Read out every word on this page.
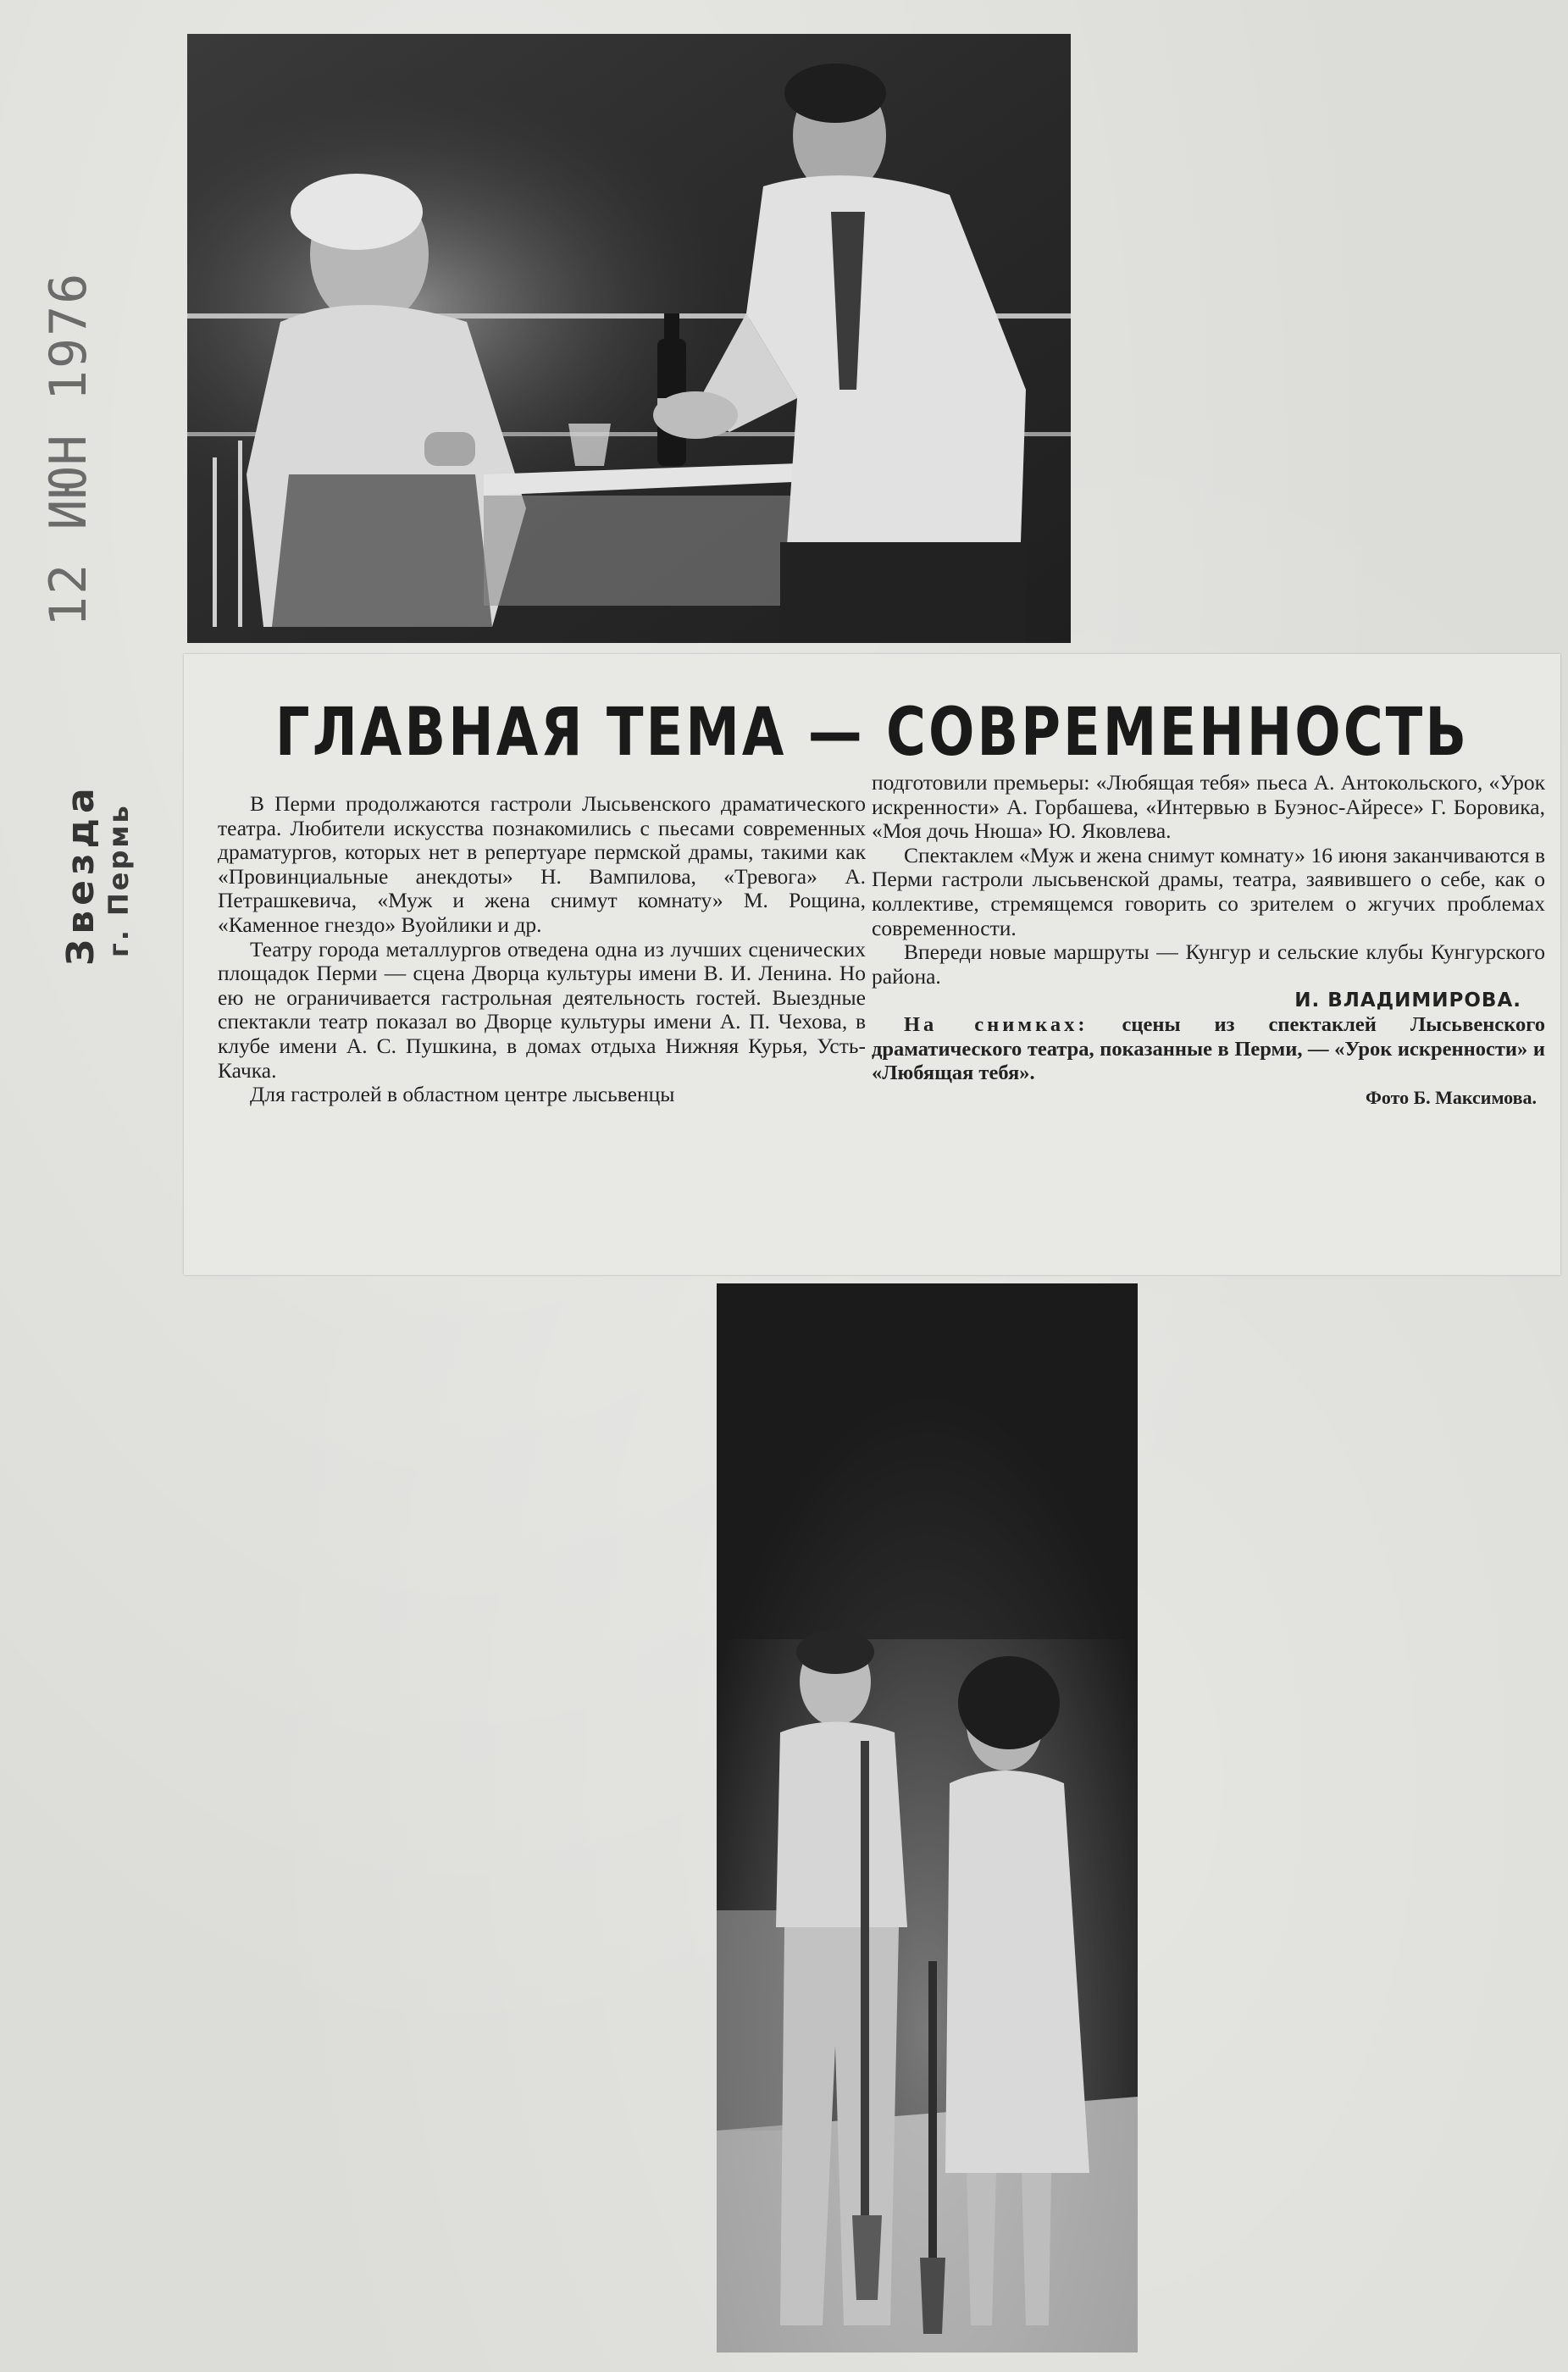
12 ИЮН 1976
Звезда г. Пермь
ГЛАВНАЯ ТЕМА — СОВРЕМЕННОСТЬ

В Перми продолжаются гастроли Лысьвенского драматического театра. Любители искусства познакомились с пьесами современных драматургов, которых нет в репертуаре пермской драмы, такими как «Провинциальные анекдоты» Н. Вампилова, «Тревога» А. Петрашкевича, «Муж и жена снимут комнату» М. Рощина, «Каменное гнездо» Вуойлики и др.

Театру города металлургов отведена одна из лучших сценических площадок Перми — сцена Дворца культуры имени В. И. Ленина. Но ею не ограничивается гастрольная деятельность гостей. Выездные спектакли театр показал во Дворце культуры имени А. П. Чехова, в клубе имени А. С. Пушкина, в домах отдыха Нижняя Курья, Усть-Качка.

Для гастролей в областном центре лысьвенцы

подготовили премьеры: «Любящая тебя» пьеса А. Антокольского, «Урок искренности» А. Горбашева, «Интервью в Буэнос-Айресе» Г. Боровика, «Моя дочь Нюша» Ю. Яковлева.

Спектаклем «Муж и жена снимут комнату» 16 июня заканчиваются в Перми гастроли лысьвенской драмы, театра, заявившего о себе, как о коллективе, стремящемся говорить со зрителем о жгучих проблемах современности.

Впереди новые маршруты — Кунгур и сельские клубы Кунгурского района.

И. ВЛАДИМИРОВА.

На снимках: сцены из спектаклей Лысьвенского драматического театра, показанные в Перми, — «Урок искренности» и «Любящая тебя».

Фото Б. Максимова.
